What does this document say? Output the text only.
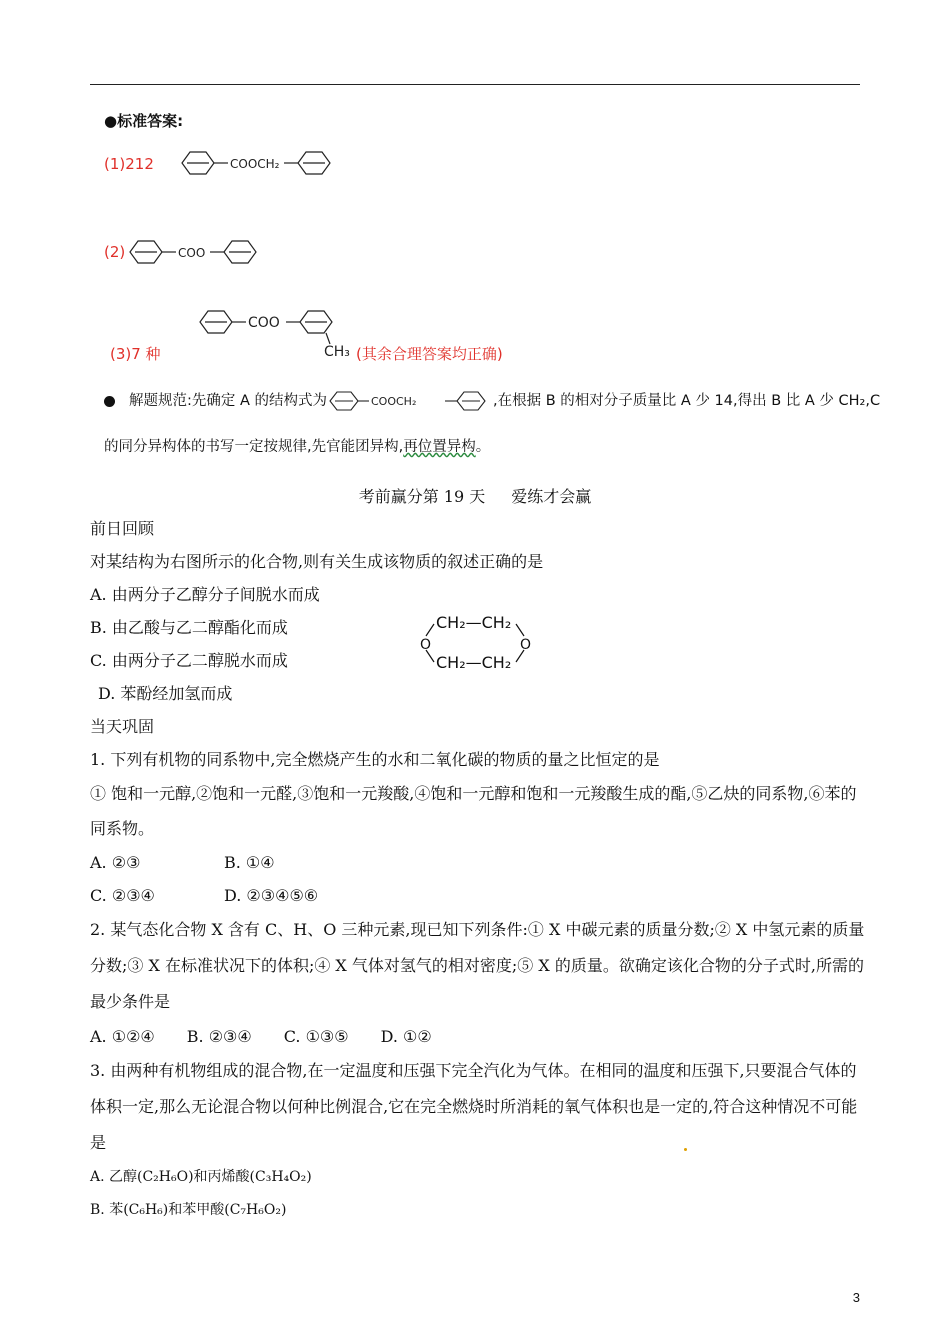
●标准答案:
(1)212	COOCH₂
(2)	COO
COO
CH₃
(3)7 种	(其余合理答案均正确)
解题规范:先确定 A 的结构式为	COOCH₂	,在根据 B 的相对分子质量比 A 少 14,得出 B 比 A 少 CH₂,C 的同分异构体的书写一定按规律,先官能团异构,再位置异构。
考前赢分第 19 天 爱练才会赢
前日回顾
对某结构为右图所示的化合物,则有关生成该物质的叙述正确的是
A. 由两分子乙醇分子间脱水而成
B. 由乙酸与乙二醇酯化而成
C. 由两分子乙二醇脱水而成
D. 苯酚经加氢而成
CH₂—CH₂
CH₂—CH₂
O	O
当天巩固
1. 下列有机物的同系物中,完全燃烧产生的水和二氧化碳的物质的量之比恒定的是
① 饱和一元醇,②饱和一元醛,③饱和一元羧酸,④饱和一元醇和饱和一元羧酸生成的酯,⑤乙炔的同系物,⑥苯的同系物。
A. ②③	B. ①④
C. ②③④	D. ②③④⑤⑥
2. 某气态化合物 X 含有 C、H、O 三种元素,现已知下列条件:① X 中碳元素的质量分数;② X 中氢元素的质量分数;③ X 在标准状况下的体积;④ X 气体对氢气的相对密度;⑤ X 的质量。欲确定该化合物的分子式时,所需的最少条件是
A. ①②④　　B. ②③④　　C. ①③⑤　　D. ①②
3. 由两种有机物组成的混合物,在一定温度和压强下完全汽化为气体。在相同的温度和压强下,只要混合气体的体积一定,那么无论混合物以何种比例混合,它在完全燃烧时所消耗的氧气体积也是一定的,符合这种情况不可能是
A. 乙醇(C₂H₆O)和丙烯酸(C₃H₄O₂)
B. 苯(C₆H₆)和苯甲酸(C₇H₆O₂)
3
